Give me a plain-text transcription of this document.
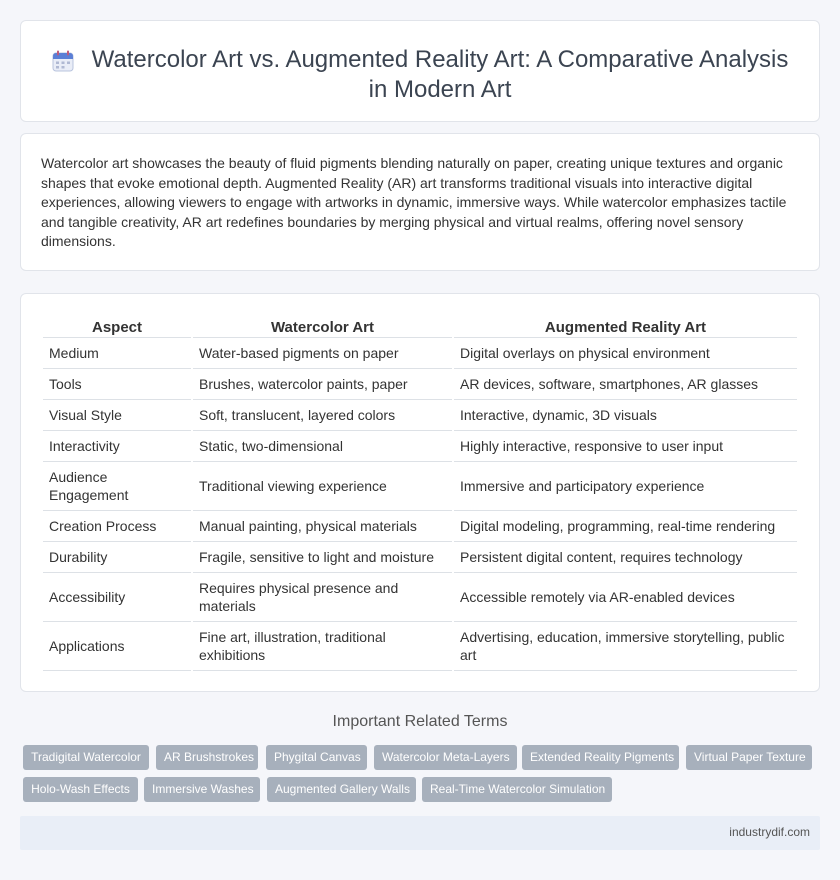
Watercolor Art vs. Augmented Reality Art: A Comparative Analysis in Modern Art

Watercolor art showcases the beauty of fluid pigments blending naturally on paper, creating unique textures and organic shapes that evoke emotional depth. Augmented Reality (AR) art transforms traditional visuals into interactive digital experiences, allowing viewers to engage with artworks in dynamic, immersive ways. While watercolor emphasizes tactile and tangible creativity, AR art redefines boundaries by merging physical and virtual realms, offering novel sensory dimensions.

Aspect	Watercolor Art	Augmented Reality Art
Medium	Water-based pigments on paper	Digital overlays on physical environment
Tools	Brushes, watercolor paints, paper	AR devices, software, smartphones, AR glasses
Visual Style	Soft, translucent, layered colors	Interactive, dynamic, 3D visuals
Interactivity	Static, two-dimensional	Highly interactive, responsive to user input
Audience Engagement	Traditional viewing experience	Immersive and participatory experience
Creation Process	Manual painting, physical materials	Digital modeling, programming, real-time rendering
Durability	Fragile, sensitive to light and moisture	Persistent digital content, requires technology
Accessibility	Requires physical presence and materials	Accessible remotely via AR-enabled devices
Applications	Fine art, illustration, traditional exhibitions	Advertising, education, immersive storytelling, public art
Important Related Terms
Tradigital Watercolor	AR Brushstrokes	Phygital Canvas	Watercolor Meta-Layers	Extended Reality Pigments	Virtual Paper Texture
Holo-Wash Effects	Immersive Washes	Augmented Gallery Walls	Real-Time Watercolor Simulation
industrydif.com
